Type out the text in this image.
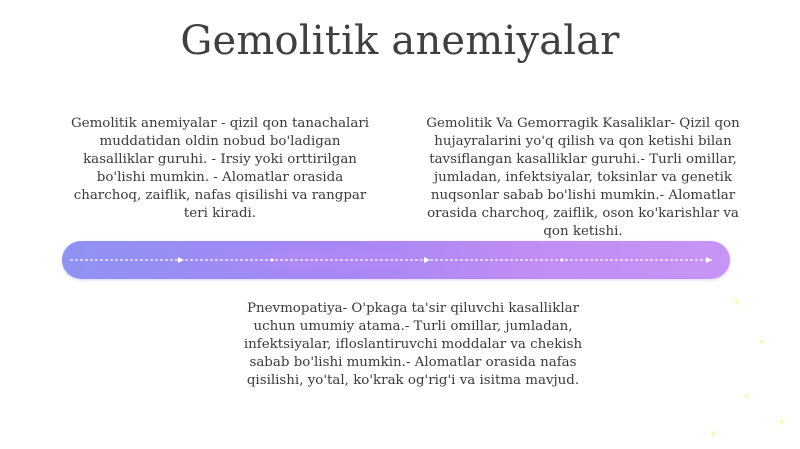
Gemolitik anemiyalar
Gemolitik anemiyalar - qizil qon tanachalari muddatidan oldin nobud bo'ladigan kasalliklar guruhi. - Irsiy yoki orttirilgan bo'lishi mumkin. - Alomatlar orasida charchoq, zaiflik, nafas qisilishi va rangpar teri kiradi.
Gemolitik Va Gemorragik Kasaliklar- Qizil qon hujayralarini yo'q qilish va qon ketishi bilan tavsiflangan kasalliklar guruhi.- Turli omillar, jumladan, infektsiyalar, toksinlar va genetik nuqsonlar sabab bo'lishi mumkin.- Alomatlar orasida charchoq, zaiflik, oson ko'karishlar va qon ketishi.
Pnevmopatiya- O'pkaga ta'sir qiluvchi kasalliklar uchun umumiy atama.- Turli omillar, jumladan, infektsiyalar, ifloslantiruvchi moddalar va chekish sabab bo'lishi mumkin.- Alomatlar orasida nafas qisilishi, yo'tal, ko'krak og'rig'i va isitma mavjud.
